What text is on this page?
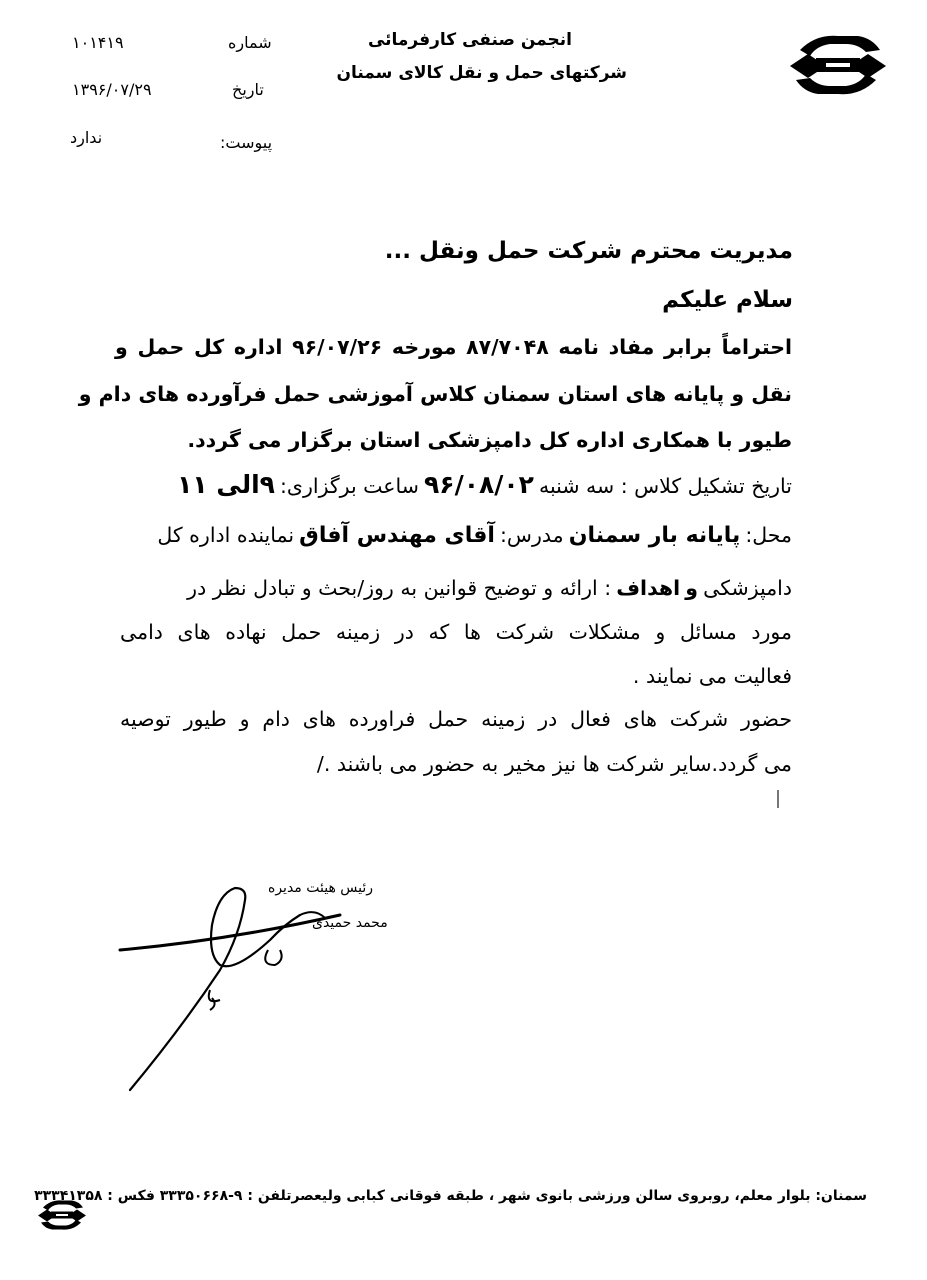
شماره
۱۰۱۴۱۹
تاریخ
۱۳۹۶/۰۷/۲۹
پیوست:
ندارد
انجمن صنفی کارفرمائی
شرکتهای حمل و نقل کالای سمنان
مدیریت محترم شرکت حمل ونقل ...
سلام علیکم
احتراماً برابر مفاد نامه ۸۷/۷۰۴۸ مورخه ۹۶/۰۷/۲۶ اداره کل حمل و
نقل و پایانه های استان سمنان کلاس آموزشی حمل فرآورده های دام و
طیور با همکاری اداره کل دامپزشکی استان برگزار می گردد.
تاریخ تشکیل کلاس : سه شنبه ۹۶/۰۸/۰۲ ساعت برگزاری: ۹الی ۱۱
محل: پایانه بار سمنان مدرس: آقای مهندس آفاق نماینده اداره کل
دامپزشکی و اهداف : ارائه و توضیح قوانین به روز/بحث و تبادل نظر در
مورد مسائل و مشکلات شرکت ها که در زمینه حمل نهاده های دامی
فعالیت می نمایند .
حضور شرکت های فعال در زمینه حمل فراورده های دام و طیور توصیه
می گردد.سایر شرکت ها نیز مخیر به حضور می باشند ./
رئیس هیئت مدیره
محمد حمیدی
سمنان: بلوار معلم، روبروی سالن ورزشی بانوی شهر ، طبقه فوقانی کبابی ولیعصرتلفن : ۹-۳۳۳۵۰۶۶۸ فکس : ۳۳۳۴۱۳۵۸
